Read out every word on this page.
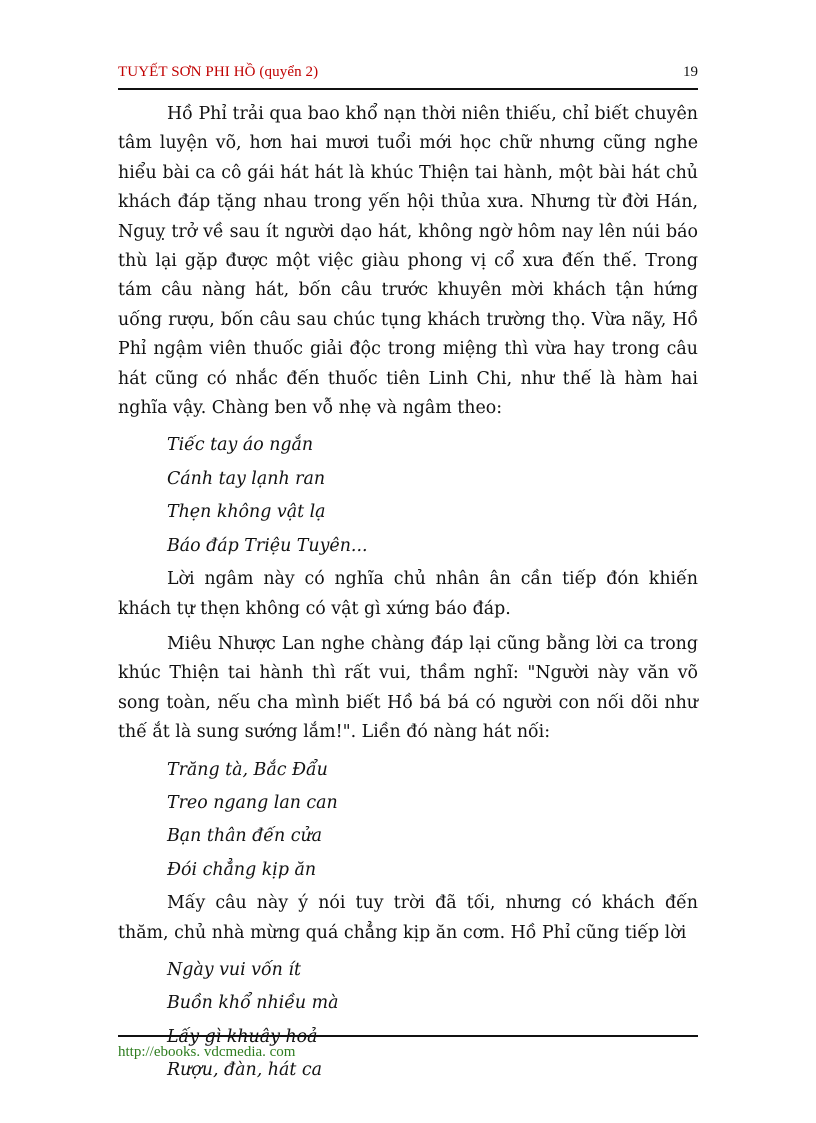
TUYẾT SƠN PHI HỒ (quyển 2)	19

Hồ Phỉ trải qua bao khổ nạn thời niên thiếu, chỉ biết chuyên tâm luyện võ, hơn hai mươi tuổi mới học chữ nhưng cũng nghe hiểu bài ca cô gái hát hát là khúc Thiện tai hành, một bài hát chủ khách đáp tặng nhau trong yến hội thủa xưa. Nhưng từ đời Hán, Nguỵ trở về sau ít người dạo hát, không ngờ hôm nay lên núi báo thù lại gặp được một việc giàu phong vị cổ xưa đến thế. Trong tám câu nàng hát, bốn câu trước khuyên mời khách tận hứng uống rượu, bốn câu sau chúc tụng khách trường thọ. Vừa nãy, Hồ Phỉ ngậm viên thuốc giải độc trong miệng thì vừa hay trong câu hát cũng có nhắc đến thuốc tiên Linh Chi, như thế là hàm hai nghĩa vậy. Chàng ben vỗ nhẹ và ngâm theo:

Tiếc tay áo ngắn

Cánh tay lạnh ran

Thẹn không vật lạ

Báo đáp Triệu Tuyên...

Lời ngâm này có nghĩa chủ nhân ân cần tiếp đón khiến khách tự thẹn không có vật gì xứng báo đáp.

Miêu Nhược Lan nghe chàng đáp lại cũng bằng lời ca trong khúc Thiện tai hành thì rất vui, thầm nghĩ: "Người này văn võ song toàn, nếu cha mình biết Hồ bá bá có người con nối dõi như thế ắt là sung sướng lắm!". Liền đó nàng hát nối:

Trăng tà, Bắc Đẩu

Treo ngang lan can

Bạn thân đến cửa

Đói chẳng kịp ăn

Mấy câu này ý nói tuy trời đã tối, nhưng có khách đến thăm, chủ nhà mừng quá chẳng kịp ăn cơm. Hồ Phỉ cũng tiếp lời

Ngày vui vốn ít

Buồn khổ nhiều mà

Lấy gì khuây hoả

Rượu, đàn, hát ca

http://ebooks. vdcmedia. com
